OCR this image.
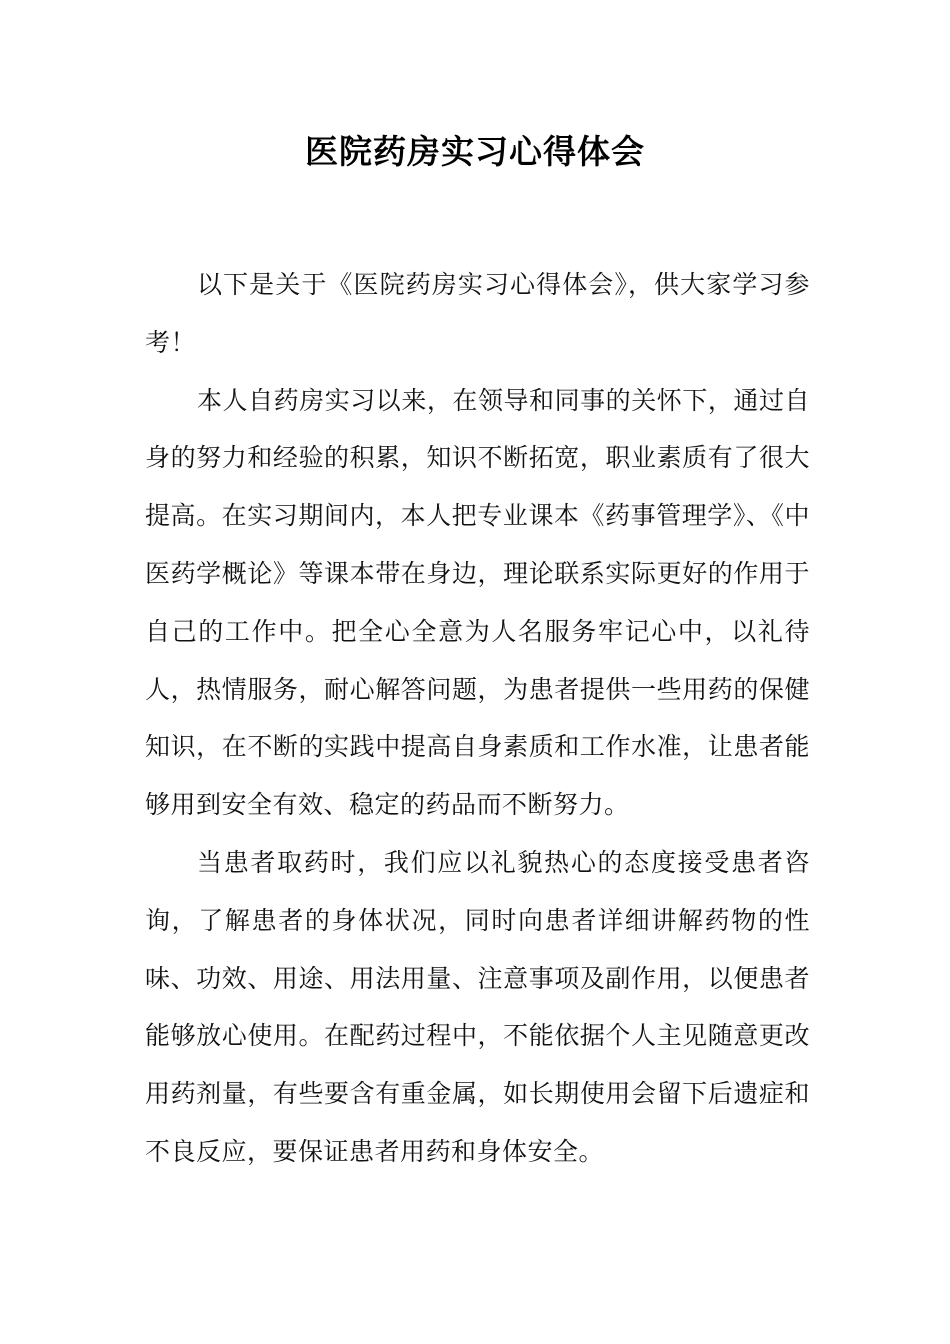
医院药房实习心得体会

以下是关于《医院药房实习心得体会》，供大家学习参考！

本人自药房实习以来，在领导和同事的关怀下，通过自身的努力和经验的积累，知识不断拓宽，职业素质有了很大提高。在实习期间内，本人把专业课本《药事管理学》、《中医药学概论》等课本带在身边，理论联系实际更好的作用于自己的工作中。把全心全意为人名服务牢记心中，以礼待人，热情服务，耐心解答问题，为患者提供一些用药的保健知识，在不断的实践中提高自身素质和工作水准，让患者能够用到安全有效、稳定的药品而不断努力。

当患者取药时，我们应以礼貌热心的态度接受患者咨询，了解患者的身体状况，同时向患者详细讲解药物的性味、功效、用途、用法用量、注意事项及副作用，以便患者能够放心使用。在配药过程中，不能依据个人主见随意更改用药剂量，有些要含有重金属，如长期使用会留下后遗症和不良反应，要保证患者用药和身体安全。
